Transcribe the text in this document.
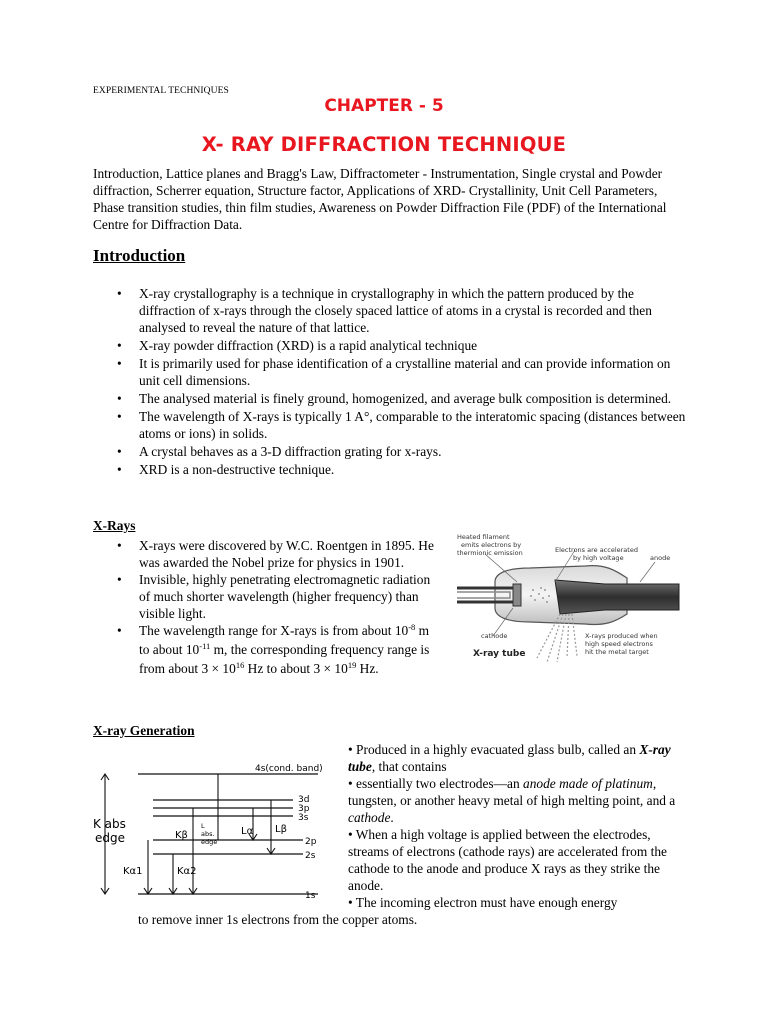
EXPERIMENTAL TECHNIQUES
CHAPTER - 5
X- RAY DIFFRACTION TECHNIQUE
Introduction, Lattice planes and Bragg's Law, Diffractometer - Instrumentation, Single crystal and Powder diffraction, Scherrer equation, Structure factor, Applications of XRD- Crystallinity, Unit Cell Parameters, Phase transition studies, thin film studies, Awareness on Powder Diffraction File (PDF) of the International Centre for Diffraction Data.
Introduction
• X-ray crystallography is a technique in crystallography in which the pattern produced by the diffraction of x-rays through the closely spaced lattice of atoms in a crystal is recorded and then analysed to reveal the nature of that lattice.
• X-ray powder diffraction (XRD) is a rapid analytical technique
• It is primarily used for phase identification of a crystalline material and can provide information on unit cell dimensions.
• The analysed material is finely ground, homogenized, and average bulk composition is determined.
• The wavelength of X-rays is typically 1 A°, comparable to the interatomic spacing (distances between atoms or ions) in solids.
• A crystal behaves as a 3-D diffraction grating for x-rays.
• XRD is a non-destructive technique.
X-Rays
• X-rays were discovered by W.C. Roentgen in 1895. He was awarded the Nobel prize for physics in 1901.
• Invisible, highly penetrating electromagnetic radiation of much shorter wavelength (higher frequency) than visible light.
• The wavelength range for X-rays is from about $10^{-8}$ m to about $10^{-11}$ m, the corresponding frequency range is from about $3 \times 10^{16}$ Hz to about $3 \times 10^{19}$ Hz.
Heated filament
emits electrons by
thermionic emission	Electrons are accelerated
by high voltage	anode
cathode
X-ray tube
X-rays produced when
high speed electrons
hit the metal target
X-ray Generation
4s(cond. band)
3d
3p
3s
2p
2s
1s
K abs
edge	Kβ	Lα Lβ
L
abs.
edge
Kα1	Kα2

• Produced in a highly evacuated glass bulb, called an X-ray tube, that contains

• essentially two electrodes—an anode made of platinum, tungsten, or another heavy metal of high melting point, and a cathode.

• When a high voltage is applied between the electrodes, streams of electrons (cathode rays) are accelerated from the cathode to the anode and produce X rays as they strike the anode.

• The incoming electron must have enough energy

to remove inner 1s electrons from the copper atoms.
